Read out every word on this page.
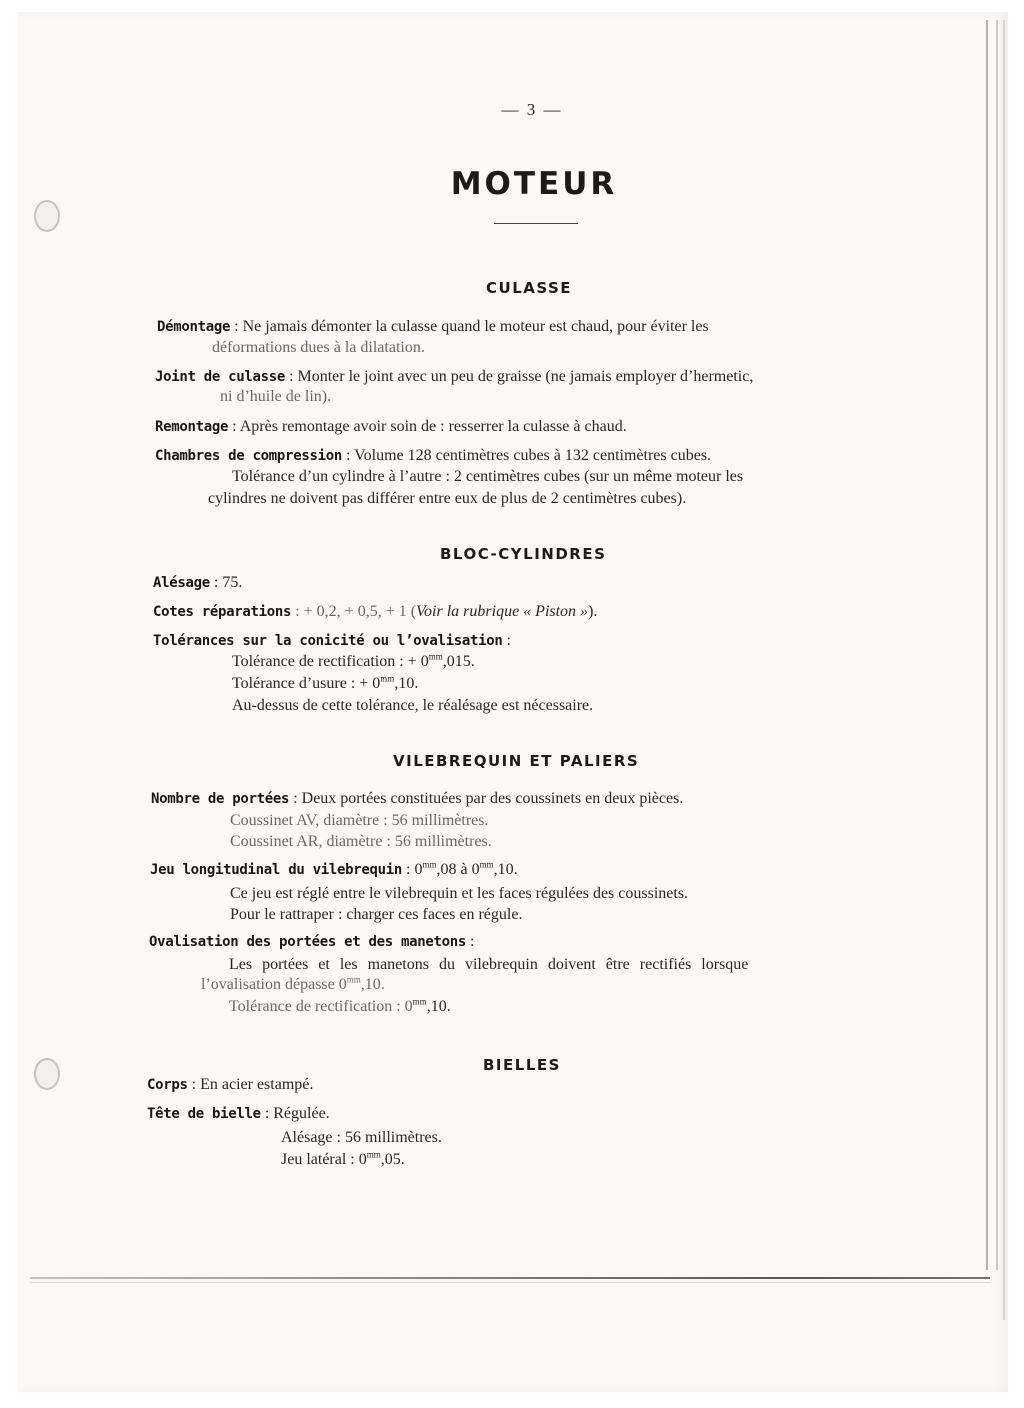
— 3 —
MOTEUR
CULASSE
Démontage : Ne jamais démonter la culasse quand le moteur est chaud, pour éviter les
déformations dues à la dilatation.
Joint de culasse : Monter le joint avec un peu de graisse (ne jamais employer d’hermetic,
ni d’huile de lin).
Remontage : Après remontage avoir soin de : resserrer la culasse à chaud.
Chambres de compression : Volume 128 centimètres cubes à 132 centimètres cubes.
Tolérance d’un cylindre à l’autre : 2 centimètres cubes (sur un même moteur les
cylindres ne doivent pas différer entre eux de plus de 2 centimètres cubes).
BLOC-CYLINDRES
Alésage : 75.
Cotes réparations : + 0,2, + 0,5, + 1 (Voir la rubrique « Piston »).
Tolérances sur la conicité ou l’ovalisation :
Tolérance de rectification : + $0^{mm},015$.
Tolérance d’usure : + $0^{mm},10$.
Au-dessus de cette tolérance, le réalésage est nécessaire.
VILEBREQUIN ET PALIERS
Nombre de portées : Deux portées constituées par des coussinets en deux pièces.
Coussinet AV, diamètre : 56 millimètres.
Coussinet AR, diamètre : 56 millimètres.
Jeu longitudinal du vilebrequin : $0^{mm},08$ à $0^{mm},10$.
Ce jeu est réglé entre le vilebrequin et les faces régulées des coussinets.
Pour le rattraper : charger ces faces en régule.
Ovalisation des portées et des manetons :
Les portées et les manetons du vilebrequin doivent être rectifiés lorsque
l’ovalisation dépasse $0^{mm},10$.
Tolérance de rectification : $0^{mm},10$.
BIELLES
Corps : En acier estampé.
Tête de bielle : Régulée.
Alésage : 56 millimètres.
Jeu latéral : $0^{mm},05$.
